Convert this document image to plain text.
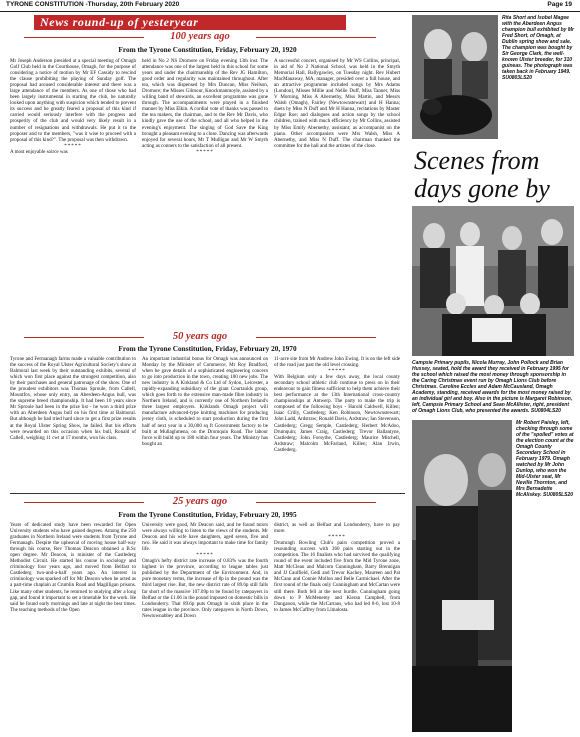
TYRONE CONSTITUTION -Thursday, 20th February 2020	Page 19
News round-up of yesteryear
100 years ago
From the Tyrone Constitution, Friday, February 20, 1920

Mr Joseph Anderson presided at a special meeting of Omagh Golf Club held in the Courthouse, Omagh, for the purpose of considering a notice of motion by Mr EF Cassidy to rescind the clause prohibiting the playing of Sunday golf. The proposal had aroused considerable interest and there was a large attendance of the members. As one of those who had been largely instrumental in starting the club, he naturally looked upon anything with suspicion which tended to prevent its success and he greatly feared a proposal of this kind if carried would seriously interfere with the progress and prosperity of the club and would very likely result in a number of resignations and withdrawals. He put it to the proposer and to the members, "was it wise to proceed with a proposal of this kind?". The proposal was then withdrawn.

*****

A most enjoyable soirce was

held in No 2 NS Dromore on Friday evening 13th inst. The attendance was one of the largest held in this school for some years and under the chairmanship of the Rev JG Hamilton, good order and regularity was maintained throughout. After tea, which was dispensed by Mrs Duncan, Miss Neilson, Dromore; the Misses Gilmour, Knockmanmoyle, assisted by a willing band of stewards, an excellent programme was gone through. The accompaniments were played in a finished manner by Miss Elkin. A cordial vote of thanks was passed to the tea makers, the chairman, and to the Rev Mr Davis, who kindly gave the use of the school, and all who helped in the evening's enjoyment. The singing of God Save the King brought a pleasant evening to a close. Dancing was afterwards enjoyed for several hours, Mr T Mulligan and Mr W Smyth acting as conners to the satisfaction of all present.

*****

A successful concert, organised by Mr WS Collins, principal, in aid of No 2 National School, was held in the Smyth Memorial Hall, Ballygawley, on Tuesday night. Rev Hubert MacManaway, MA, manager, presided over a full house, and an attractive programme included songs by Mrs Adams (London), Misses Millie and Nellie Duff, Miss Tanner, Miss V Morning, Miss A Abernethy, Miss Martin, and Messrs Walsh (Omagh), Fairley (Newtownstewart) and H Hanna; duets by Miss N Duff and Mr H Hanna, recitations by Master Edgar Roe; and dialogues and action songs by the school children, trained with much efficiency by Mr Collins, assisted by Miss Emily Abernethy, assistant; as accompanist on the piano. Other accompanists were Mrs Walsh, Miss A Abernethy, and Miss N Duff. The chairman thanked the committee for the hall and the artistes of the close.

Rita Short and Isobel Magee with the Aberdeen Angus champion bull exhibited by Mr Fred Short, of Omagh, at Dublin spring show and sale. The champion was bought by Sir George Clark, the well-known Ulster breeder, for 310 guineas. The photograph was taken back in February 1949. SU0803LS20
Scenes from days gone by
50 years ago
From the Tyrone Constitution, Friday, February 20, 1970

Tyrone and Fermanagh farms made a valuable contribution to the success of the Royal Ulster Agricultural Society's show at Balmoral last week by their outstanding exhibits, several of which won first place against the strongest competition, also by their purchases and general patronage of the show. One of the proudest exhibitors was Thomas Sproule, from Callell, Mountfox, whose only entry, an Aberdeen-Angus bull, was the supreme breed championship. It had been 10 years since Mr Sproule had been in the prize list - he won a third prize with an Aberdeen Angus bull on his first time at Balmoral. But although he had tried hard since to get a first prize results at the Royal Ulster Spring Show, he failed. But his efforts were rewarded on this occasion when his bull, Ronald of Callell, weighing 11 cwt at 17 months, won his class.

An important industrial bonus for Omagh was announced on Monday by the Minister of Commerce, Mr Roy Bradford, when he gave details of a sophisticated engineering concern to go into production in the town, creating 180 new jobs. The new industry is A Kirkland & Co Ltd of Sydon, Leicester, a rapidly-expanding subsidiary of the giant Courtaulds group, which goes forth to the extensive man-made fibre industry in Northern Ireland, and is currently one of Northern Ireland's three largest employers. Kirklands Omagh project will manufacture advanced-type knitting machines for producing jersey cloth, is scheduled to start production during the first half of next year in a 30,000 sq ft Government factory to be built at Mullaghmena, on the Dromquin Road. The labour force will build up to 180 within four years. The Ministry has bought an

11-acre site from Mr Andrew John Ewing. It is on the left side of the road just past the old level crossing.

*****

With Belgium only a few days away, the local county secondary school athletic club continue to press on in their endeavour to gain fitness sufficient to help them achieve their best performance at the 13th International cross-country championships at Antwerp. The party to make the trip is composed of the following boys - Harold Caldwell, Killen; Isaac Crilly, Castlederg; Ken Robinson, Newtownstewart; John Ladd, Ardstraw; Ronald Davis, Ardstraw; Ian Stevenson, Castlederg; Gregg Semple, Castlederg; Herbert McAdoo, Drumquin; James Craig, Castlederg; Trevor Ballantyne, Castlederg; John Forsythe, Castlederg; Maurice Mitchell, Ardstraw; Malcolm McFarland, Killen; Alan Irwin, Castlederg.

Campsie Primary pupils, Nicola Murray, John Pollock and Brian Hussey, seated, hold the award they received in February 1995 for the school which raised the most money through sponsorship in the Caring Christmas event run by Omagh Lions Club before Christmas. Caroline Eccles and Adam McCausland, Omagh Academy, standing, received awards for the most money raised by an individual girl and boy. Also in the picture is Margaret Robinson, left, Campsie Primary School and Sean McAllister, right, president of Omagh Lions Club, who presented the awards. SU0804LS20
25 years ago
From the Tyrone Constitution, Friday, February 20, 1995

Years of dedicated study have been rewarded for Open University students who have gained degrees. Among the 250 graduates in Northern Ireland were students from Tyrone and Fermanagh. Despite the upheaval of moving house half-way through his course, Rev Thomas Deacon obtained a B.Sc open degree. Mr Deacon, is minister of the Castlederg Methodist Circuit. He started his course in sociology and criminology four years ago, and moved from Belfast to Castlederg two-and-a-half years ago. An interest in criminology was sparked off for Mr Deacon when he acted as a part-time chaplain at Crumlin Road and Magilligan prisons. Like many other students, he returned to studying after a long gap, and found it important to set a timetable for the work. He said he found early mornings and late at night the best times. The teaching methods of the Open

University were good, Mr Deacon said, and he found tutors were always willing to listen to the views of the students. Mr Deacon and his wife have daughters, aged seven, five and two. He said it was always important to make time for family life.

*****

Omagh's hefty district rate increase of 0.83% was the fourth highest in the province, according to league tables just published by the Department of the Environment. And, in pure monetary terms, the increase of 8p in the pound was the third largest rise. But, the new district rate of 89.6p still falls far short of the massive 107.09p to be found by ratepayers in Belfast or the £1.06 in the pound imposed on domestic bills in Londonderry. That 89.6p puts Omagh in sixth place in the rates league in the province. Only ratepayers in North Down, Newtownabbey and Down

district, as well as Belfast and Londonderry, have to pay more.

*****

Drumragh Bowling Club's pairs competition proved a resounding success with 360 pairs starting out in the competition. The 16 finalists who had survived the qualifying round of the event included five from the Mid Tyrone zone, Matt McClean and Malcom Cunningham, Barry Brennigan and JJ Caulfield, Gedi and Trevor Kachey, Maureen and Pat McCann and Connie Mollon and Belle Carmichael. After the first round of the finals only Cunningham and McCartan were still there. Both fell at the next hurdle. Cunningham going down to P McMenemy and Kieran Campbell, from Dunganon, while the McCartans, who had led 8-6, lost 10-8 to James McCaffrey from Limalosta.

Mr Robert Paisley, left, checking through some of the "spoiled" votes at the election count at the Omagh County Secondary School in February 1979. Omagh watched by Mr John Dunlop, who won the Mid-Ulster seat, Mr Neville Thornton, and Mrs Bernadette McAliskey. SU0805LS20
